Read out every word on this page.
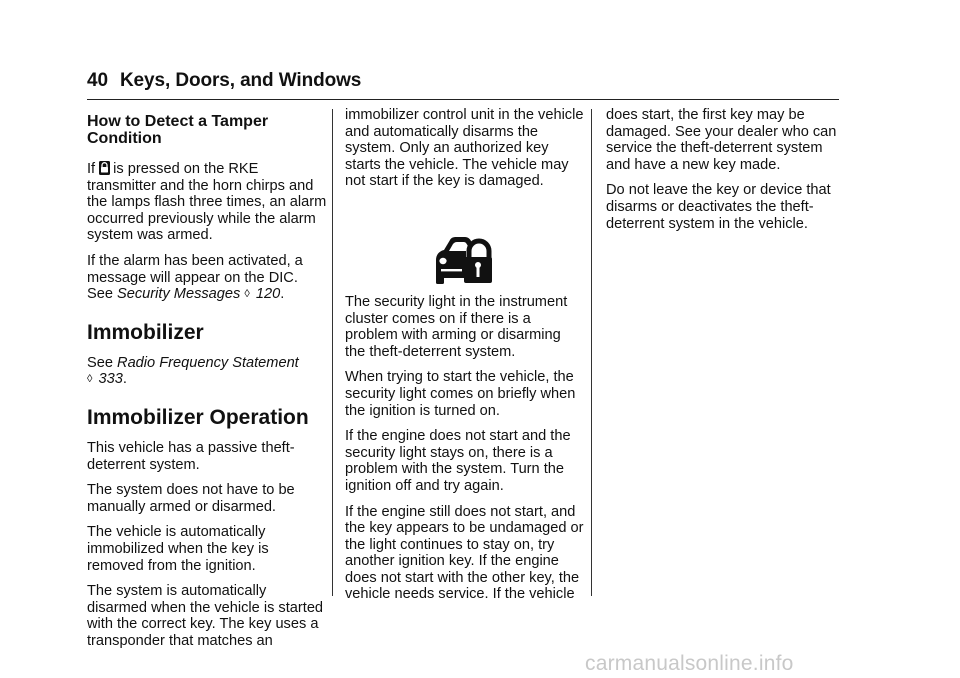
40 Keys, Doors, and Windows
How to Detect a Tamper Condition

If is pressed on the RKE transmitter and the horn chirps and the lamps flash three times, an alarm occurred previously while the alarm system was armed.

If the alarm has been activated, a message will appear on the DIC.
See Security Messages ◊ 120.

Immobilizer

See Radio Frequency Statement
◊ 333.

Immobilizer Operation

This vehicle has a passive theft-deterrent system.

The system does not have to be manually armed or disarmed.

The vehicle is automatically immobilized when the key is removed from the ignition.

The system is automatically disarmed when the vehicle is started with the correct key. The key uses a transponder that matches an

immobilizer control unit in the vehicle and automatically disarms the system. Only an authorized key starts the vehicle. The vehicle may not start if the key is damaged.

The security light in the instrument cluster comes on if there is a problem with arming or disarming the theft-deterrent system.

When trying to start the vehicle, the security light comes on briefly when the ignition is turned on.

If the engine does not start and the security light stays on, there is a problem with the system. Turn the ignition off and try again.

If the engine still does not start, and the key appears to be undamaged or the light continues to stay on, try another ignition key. If the engine does not start with the other key, the vehicle needs service. If the vehicle

does start, the first key may be damaged. See your dealer who can service the theft-deterrent system and have a new key made.

Do not leave the key or device that disarms or deactivates the theft-deterrent system in the vehicle.

carmanualsonline.info
